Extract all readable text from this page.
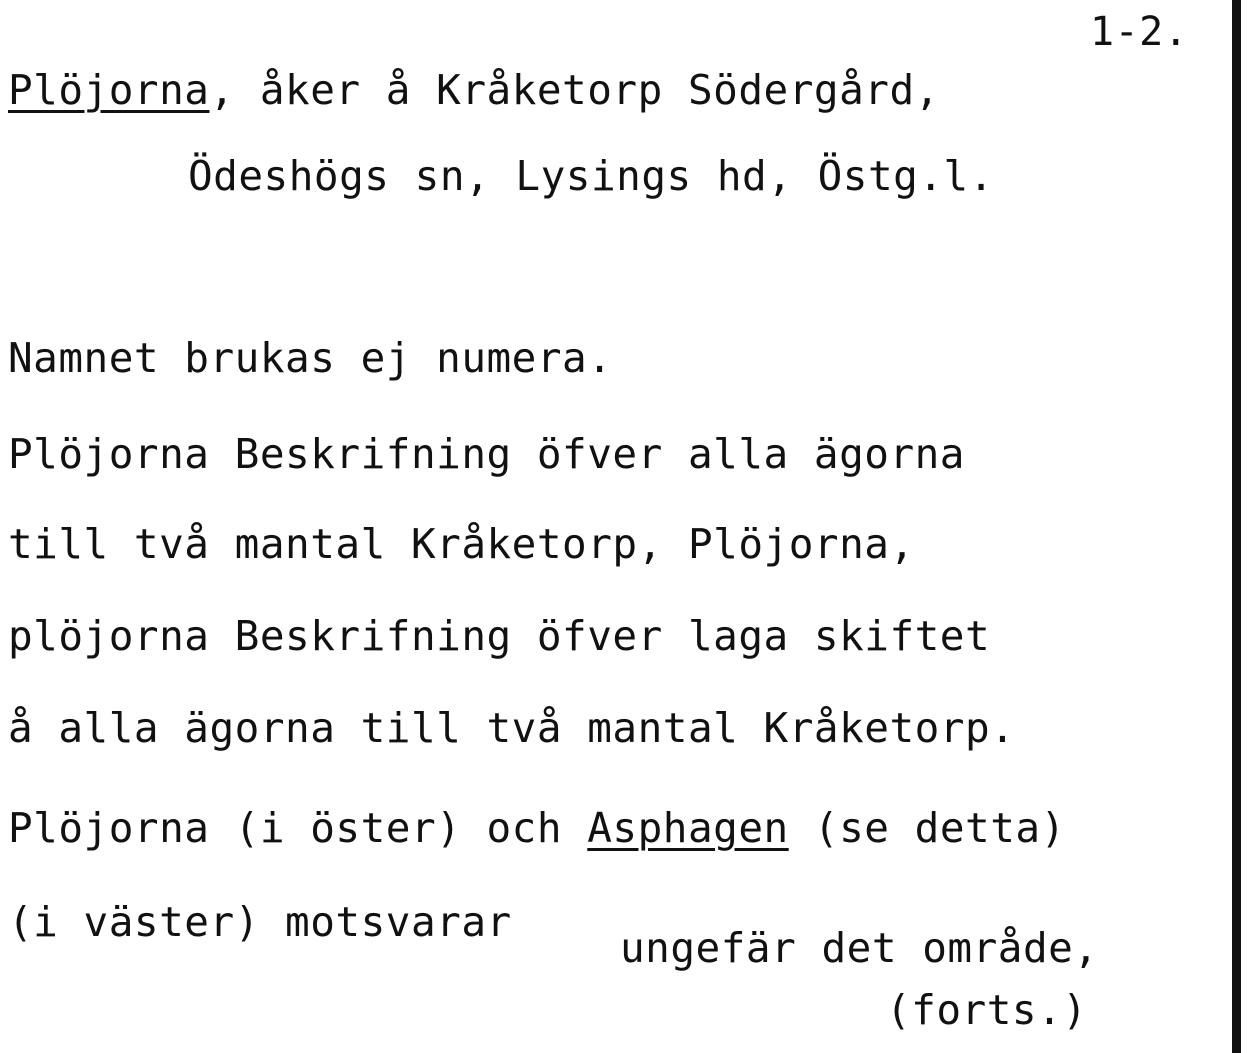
1-2.
Plöjorna, åker å Kråketorp Södergård,
Ödeshögs sn, Lysings hd, Östg.l.
Namnet brukas ej numera.
Plöjorna Beskrifning öfver alla ägorna
till två mantal Kråketorp, Plöjorna,
plöjorna Beskrifning öfver laga skiftet
å alla ägorna till två mantal Kråketorp.
Plöjorna (i öster) och Asphagen (se detta)
(i väster) motsvarar
ungefär det område,
(forts.)
